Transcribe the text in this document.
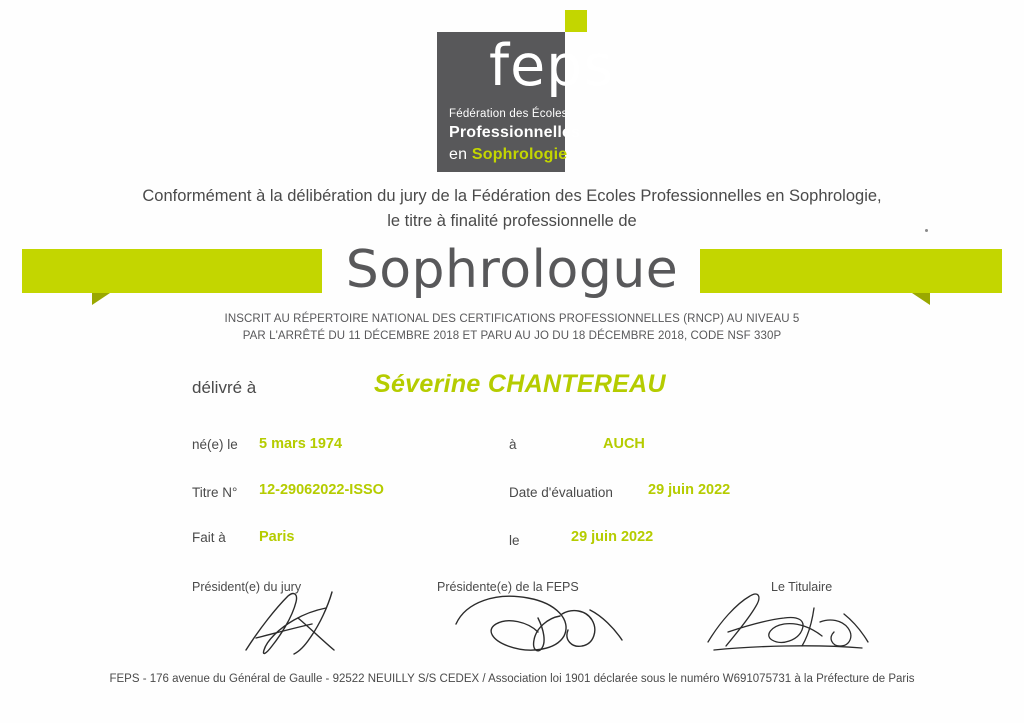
feps
Fédération des Écoles
Professionnelles
en Sophrologie
Conformément à la délibération du jury de la Fédération des Ecoles Professionnelles en Sophrologie,
le titre à finalité professionnelle de
Sophrologue
INSCRIT AU RÉPERTOIRE NATIONAL DES CERTIFICATIONS PROFESSIONNELLES (RNCP) AU NIVEAU 5
PAR L'ARRÊTÉ DU 11 DÉCEMBRE 2018 ET PARU AU JO DU 18 DÉCEMBRE 2018, CODE NSF 330P
délivré à	Séverine CHANTEREAU
né(e) le 5 mars 1974	à	AUCH
Titre N° 12-29062022-ISSO	Date d'évaluation 29 juin 2022
Fait à Paris	le	29 juin 2022
Président(e) du jury	Présidente(e) de la FEPS	Le Titulaire
FEPS - 176 avenue du Général de Gaulle - 92522 NEUILLY S/S CEDEX / Association loi 1901 déclarée sous le numéro W691075731 à la Préfecture de Paris
